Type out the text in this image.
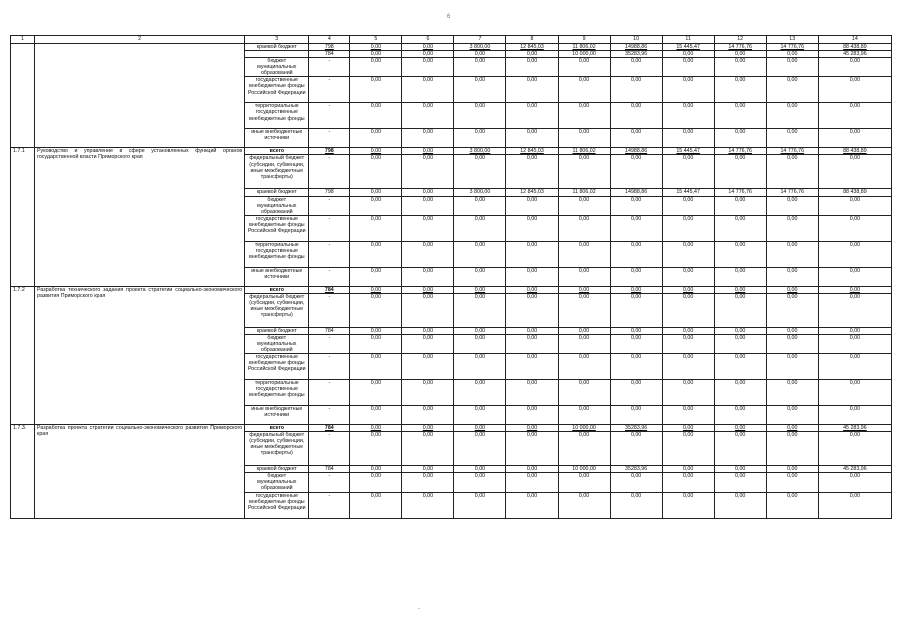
6
1	2	3	4	5	6	7	8	9	10	11	12	13	14
		краевой бюджет	798	0,00	0,00	3 800,00	12 845,03	11 806,02	14988,86	15 445,47	14 776,76	14 776,76	88 438,89
			784	0,00	0,00	0,00	0,00	10 000,00	35283,96	0,00	0,00	0,00	45 283,96
		бюджет муниципальных образований	-	0,00	0,00	0,00	0,00	0,00	0,00	0,00	0,00	0,00	0,00
		государственные внебюджетные фонды Российской Федерации	-	0,00	0,00	0,00	0,00	0,00	0,00	0,00	0,00	0,00	0,00
		территориальные государственные внебюджетные фонды	-	0,00	0,00	0,00	0,00	0,00	0,00	0,00	0,00	0,00	0,00
		иные внебюджетные источники	-	0,00	0,00	0,00	0,00	0,00	0,00	0,00	0,00	0,00	0,00
1.7.1	Руководство и управление в сфере установленных функций органов государственной власти Приморского края	всего	798	0,00	0,00	3 800,00	12 845,03	11 806,02	14988,86	15 445,47	14 776,76	14 776,76	88 438,89
		федеральный бюджет (субсидии, субвенции, иные межбюджетные трансферты)	-	0,00	0,00	0,00	0,00	0,00	0,00	0,00	0,00	0,00	0,00
		краевой бюджет	798	0,00	0,00	3 800,00	12 845,03	11 806,02	14988,86	15 445,47	14 776,76	14 776,76	88 438,89
		бюджет муниципальных образований	-	0,00	0,00	0,00	0,00	0,00	0,00	0,00	0,00	0,00	0,00
		государственные внебюджетные фонды Российской Федерации	-	0,00	0,00	0,00	0,00	0,00	0,00	0,00	0,00	0,00	0,00
		территориальные государственные внебюджетные фонды	-	0,00	0,00	0,00	0,00	0,00	0,00	0,00	0,00	0,00	0,00
		иные внебюджетные источники	-	0,00	0,00	0,00	0,00	0,00	0,00	0,00	0,00	0,00	0,00
1.7.2	Разработка технического задания проекта стратегии социально-экономического развития Приморского края	всего	784	0,00	0,00	0,00	0,00	0,00	0,00	0,00	0,00	0,00	0,00
		федеральный бюджет (субсидии, субвенции, иные межбюджетные трансферты)	-	0,00	0,00	0,00	0,00	0,00	0,00	0,00	0,00	0,00	0,00
		краевой бюджет	784	0,00	0,00	0,00	0,00	0,00	0,00	0,00	0,00	0,00	0,00
		бюджет муниципальных образований	-	0,00	0,00	0,00	0,00	0,00	0,00	0,00	0,00	0,00	0,00
		государственные внебюджетные фонды Российской Федерации	-	0,00	0,00	0,00	0,00	0,00	0,00	0,00	0,00	0,00	0,00
		территориальные государственные внебюджетные фонды	-	0,00	0,00	0,00	0,00	0,00	0,00	0,00	0,00	0,00	0,00
		иные внебюджетные источники	-	0,00	0,00	0,00	0,00	0,00	0,00	0,00	0,00	0,00	0,00
1.7.3.	Разработка проекта стратегии социально-экономического развития Приморского края	всего	784	0,00	0,00	0,00	0,00	10 000,00	35283,96	0,00	0,00	0,00	45 283,96
		федеральный бюджет (субсидии, субвенции, иные межбюджетные трансферты)	-	0,00	0,00	0,00	0,00	0,00	0,00	0,00	0,00	0,00	0,00
		краевой бюджет	784	0,00	0,00	0,00	0,00	10 000,00	35283,96	0,00	0,00	0,00	45 283,96
		бюджет муниципальных образований	-	0,00	0,00	0,00	0,00	0,00	0,00	0,00	0,00	0,00	0,00
		государственные внебюджетные фонды Российской Федерации	-	0,00	0,00	0,00	0,00	0,00	0,00	0,00	0,00	0,00	0,00
-
